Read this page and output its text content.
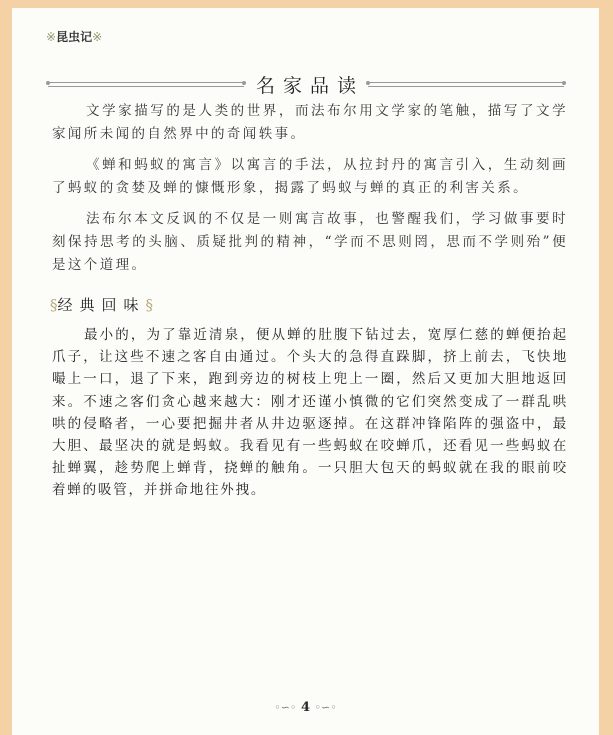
※昆虫记※
名家品读
文学家描写的是人类的世界，而法布尔用文学家的笔触，描写了文学家闻所未闻的自然界中的奇闻轶事。
《蝉和蚂蚁的寓言》以寓言的手法，从拉封丹的寓言引入，生动刻画了蚂蚁的贪婪及蝉的慷慨形象，揭露了蚂蚁与蝉的真正的利害关系。
法布尔本文反讽的不仅是一则寓言故事，也警醒我们，学习做事要时刻保持思考的头脑、质疑批判的精神，“学而不思则罔，思而不学则殆”便是这个道理。
§经典回味§
最小的，为了靠近清泉，便从蝉的肚腹下钻过去，宽厚仁慈的蝉便抬起爪子，让这些不速之客自由通过。个头大的急得直跺脚，挤上前去，飞快地嘬上一口，退了下来，跑到旁边的树枝上兜上一圈，然后又更加大胆地返回来。不速之客们贪心越来越大：刚才还谨小慎微的它们突然变成了一群乱哄哄的侵略者，一心要把掘井者从井边驱逐掉。在这群冲锋陷阵的强盗中，最大胆、最坚决的就是蚂蚁。我看见有一些蚂蚁在咬蝉爪，还看见一些蚂蚁在扯蝉翼，趁势爬上蝉背，挠蝉的触角。一只胆大包天的蚂蚁就在我的眼前咬着蝉的吸管，并拼命地往外拽。
◦∽◦ 4 ◦∽◦
